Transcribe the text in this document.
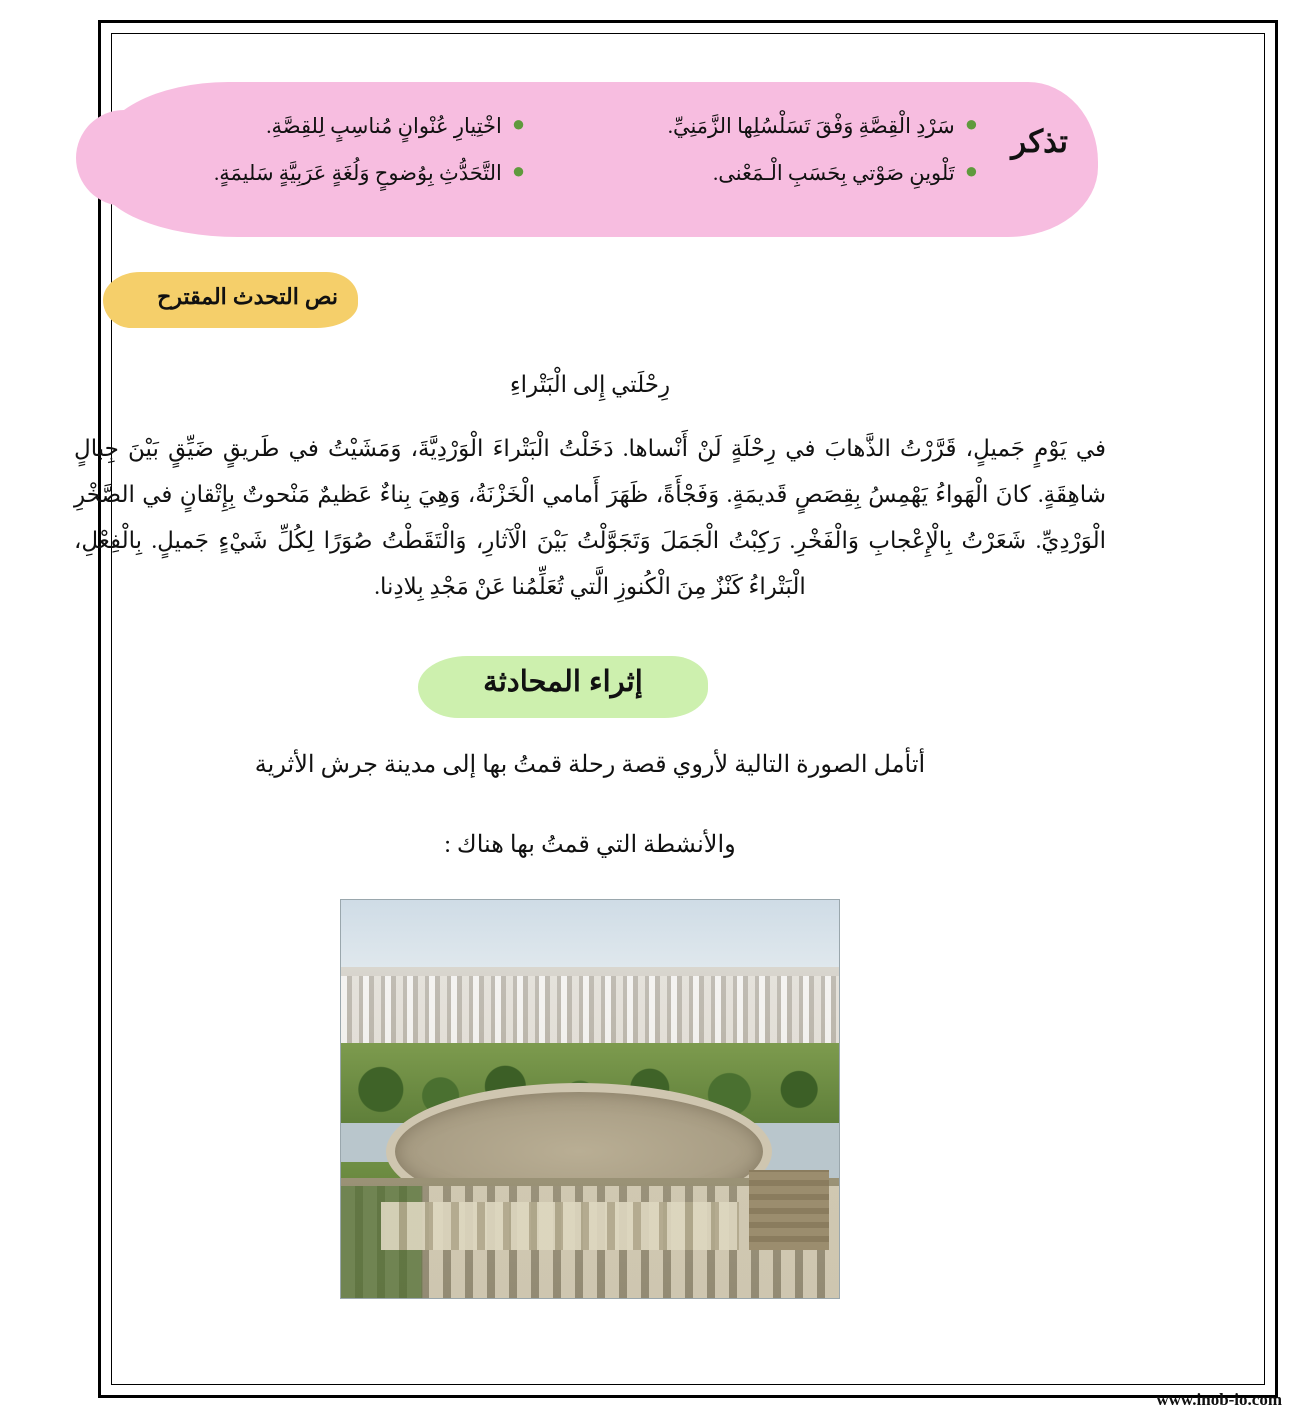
تذكر
●
سَرْدِ الْقِصَّةِ وَفْقَ تَسَلْسُلِها الزَّمَنِيِّ.
●
تَلْوينِ صَوْتي بِحَسَبِ الْـمَعْنى.
●
اخْتِيارِ عُنْوانٍ مُناسِبٍ لِلقِصَّةِ.
●
التَّحَدُّثِ بِوُضوحٍ وَلُغَةٍ عَرَبِيَّةٍ سَليمَةٍ.
نص التحدث المقترح
رِحْلَتي إِلى الْبَتْراءِ
في يَوْمٍ جَميلٍ، قَرَّرْتُ الذَّهابَ في رِحْلَةٍ لَنْ أَنْساها. دَخَلْتُ الْبَتْراءَ الْوَرْدِيَّةَ، وَمَشَيْتُ في طَريقٍ ضَيِّقٍ بَيْنَ جِبالٍ شاهِقَةٍ. كانَ الْهَواءُ يَهْمِسُ بِقِصَصٍ قَديمَةٍ. وَفَجْأَةً، ظَهَرَ أَمامي الْخَزْنَةُ، وَهِيَ بِناءٌ عَظيمٌ مَنْحوتٌ بِإِتْقانٍ في الصَّخْرِ الْوَرْدِيِّ. شَعَرْتُ بِالْإِعْجابِ وَالْفَخْرِ. رَكِبْتُ الْجَمَلَ وَتَجَوَّلْتُ بَيْنَ الْآثارِ، وَالْتَقَطْتُ صُوَرًا لِكُلِّ شَيْءٍ جَميلٍ. بِالْفِعْلِ، الْبَتْراءُ كَنْزٌ مِنَ الْكُنوزِ الَّتي تُعَلِّمُنا عَنْ مَجْدِ بِلادِنا.
إثراء المحادثة
أتأمل الصورة التالية لأروي قصة رحلة قمتُ بها إلى مدينة جرش الأثرية
والأنشطة التي قمتُ بها هناك :
www.inob-io.com
